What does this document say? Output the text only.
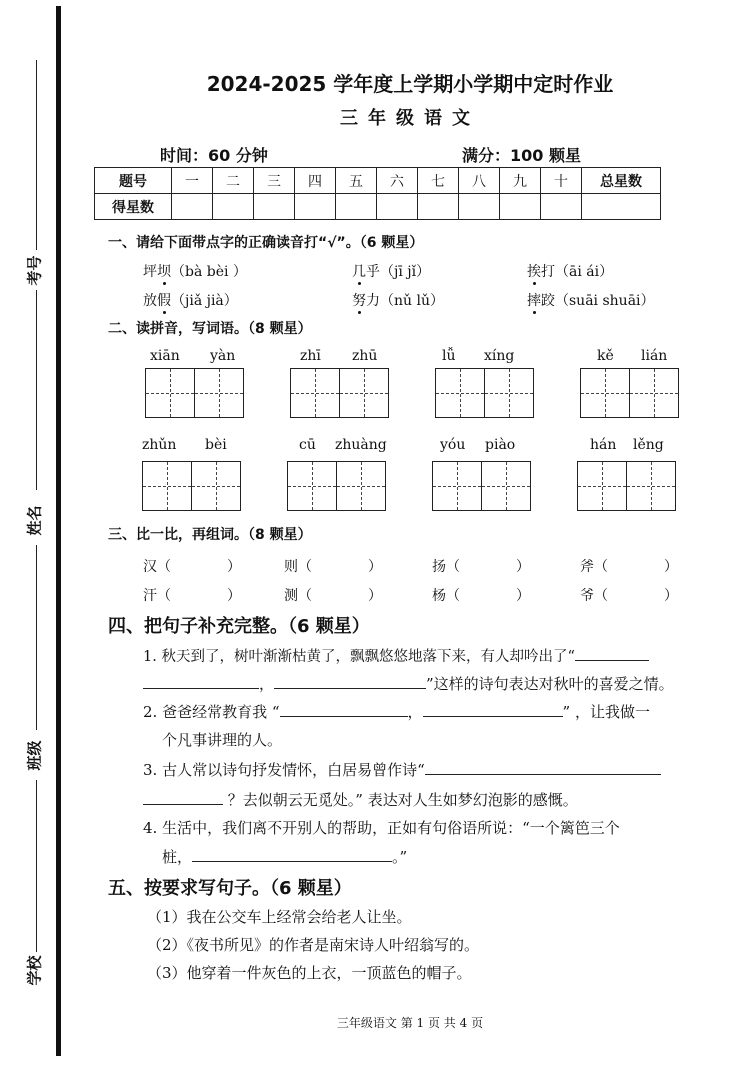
考号
姓名
班级
学校
2024-2025 学年度上学期小学期中定时作业
三年级语文
时间：60 分钟	满分：100 颗星
题号	一	二	三	四	五	六	七	八	九	十	总星数
得星数											
一、请给下面带点字的正确读音打“√”。（6 颗星）
坪坝（bà bèi ）	几乎（jī jǐ）	挨打（āi ái）
放假（jiǎ jià）	努力（nǔ lǔ）	摔跤（suāi shuāi）
二、读拼音，写词语。（8 颗星）
xiān yàn	zhī zhū	lǚ xíng	kě lián
zhǔn bèi	cū zhuàng	yóu piào	hán lěng
三、比一比，再组词。（8 颗星）
汉（	）	则（	）	扬（	）	斧（	）
汗（	）	测（	）	杨（	）	爷（	）
四、把句子补充完整。（6 颗星）
1. 秋天到了，树叶渐渐枯黄了，飘飘悠悠地落下来，有人却吟出了“
，	”这样的诗句表达对秋叶的喜爱之情。
2. 爸爸经常教育我 “	，	” ，让我做一
个凡事讲理的人。
3. 古人常以诗句抒发情怀，白居易曾作诗“
？去似朝云无觅处。” 表达对人生如梦幻泡影的感慨。
4. 生活中，我们离不开别人的帮助，正如有句俗语所说：“一个篱笆三个
桩，	。”
五、按要求写句子。（6 颗星）
（1）我在公交车上经常会给老人让坐。
（2）《夜书所见》的作者是南宋诗人叶绍翁写的。
（3）他穿着一件灰色的上衣，一顶蓝色的帽子。
三年级语文 第 1 页 共 4 页
